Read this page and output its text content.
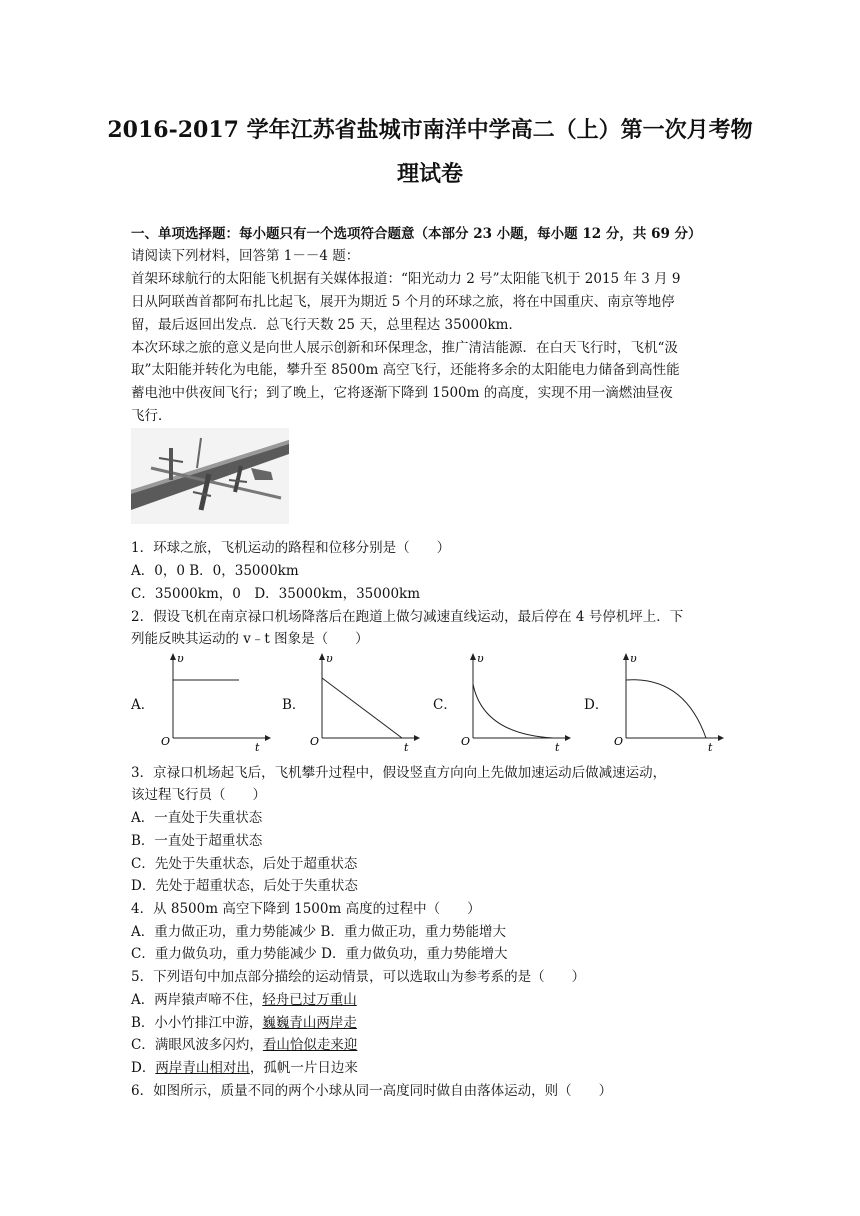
2016-2017 学年江苏省盐城市南洋中学高二（上）第一次月考物
理试卷
一、单项选择题：每小题只有一个选项符合题意（本部分 23 小题，每小题 12 分，共 69 分）
请阅读下列材料，回答第 1－－4 题：
首架环球航行的太阳能飞机据有关媒体报道：“阳光动力 2 号”太阳能飞机于 2015 年 3 月 9
日从阿联酋首都阿布扎比起飞，展开为期近 5 个月的环球之旅，将在中国重庆、南京等地停
留，最后返回出发点．总飞行天数 25 天，总里程达 35000km．
本次环球之旅的意义是向世人展示创新和环保理念，推广清洁能源．在白天飞行时，飞机“汲
取”太阳能并转化为电能，攀升至 8500m 高空飞行，还能将多余的太阳能电力储备到高性能
蓄电池中供夜间飞行；到了晚上，它将逐渐下降到 1500m 的高度，实现不用一滴燃油昼夜
飞行．
1．环球之旅，飞机运动的路程和位移分别是（　　）
A．0，0 B．0，35000km
C．35000km，0　D．35000km，35000km
2．假设飞机在南京禄口机场降落后在跑道上做匀减速直线运动，最后停在 4 号停机坪上．下
列能反映其运动的 v﹣t 图象是（　　）
A．	B．	C．	D．
υ
O	t
υ
O	t
υ
O	t
υ
O	t
3．京禄口机场起飞后，飞机攀升过程中，假设竖直方向向上先做加速运动后做减速运动，
该过程飞行员（　　）
A．一直处于失重状态
B．一直处于超重状态
C．先处于失重状态，后处于超重状态
D．先处于超重状态，后处于失重状态
4．从 8500m 高空下降到 1500m 高度的过程中（　　）
A．重力做正功，重力势能减少 B．重力做正功，重力势能增大
C．重力做负功，重力势能减少 D．重力做负功，重力势能增大
5．下列语句中加点部分描绘的运动情景，可以选取山为参考系的是（　　）
A．两岸猿声啼不住，轻舟已过万重山
B．小小竹排江中游，巍巍青山两岸走
C．满眼风波多闪灼，看山恰似走来迎
D．两岸青山相对出，孤帆一片日边来
6．如图所示，质量不同的两个小球从同一高度同时做自由落体运动，则（　　）
